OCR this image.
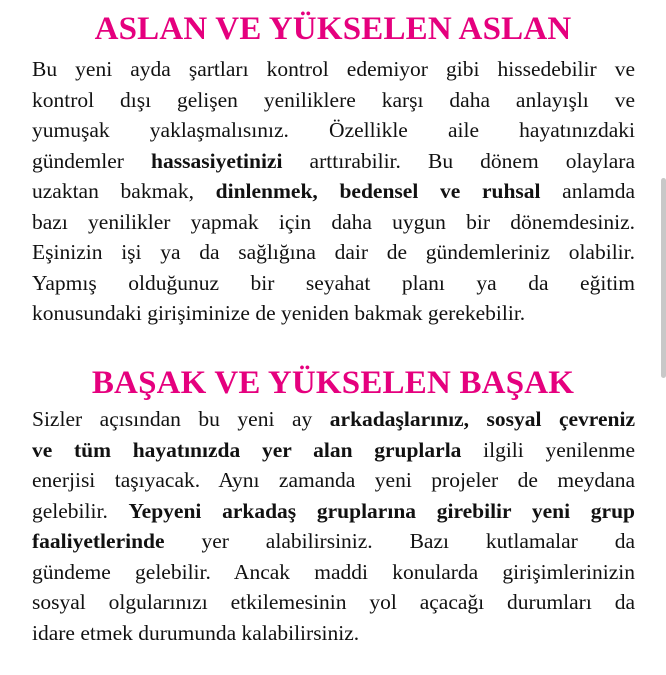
ASLAN VE YÜKSELEN ASLAN
Bu yeni ayda şartları kontrol edemiyor gibi hissedebilir ve
kontrol dışı gelişen yeniliklere karşı daha anlayışlı ve
yumuşak yaklaşmalısınız. Özellikle aile hayatınızdaki
gündemler hassasiyetinizi arttırabilir. Bu dönem olaylara
uzaktan bakmak, dinlenmek, bedensel ve ruhsal anlamda
bazı yenilikler yapmak için daha uygun bir dönemdesiniz.
Eşinizin işi ya da sağlığına dair de gündemleriniz olabilir.
Yapmış olduğunuz bir seyahat planı ya da eğitim
konusundaki girişiminize de yeniden bakmak gerekebilir.
BAŞAK VE YÜKSELEN BAŞAK
Sizler açısından bu yeni ay arkadaşlarınız, sosyal çevreniz
ve tüm hayatınızda yer alan gruplarla ilgili yenilenme
enerjisi taşıyacak. Aynı zamanda yeni projeler de meydana
gelebilir. Yepyeni arkadaş gruplarına girebilir yeni grup
faaliyetlerinde yer alabilirsiniz. Bazı kutlamalar da
gündeme gelebilir. Ancak maddi konularda girişimlerinizin
sosyal olgularınızı etkilemesinin yol açacağı durumları da
idare etmek durumunda kalabilirsiniz.
